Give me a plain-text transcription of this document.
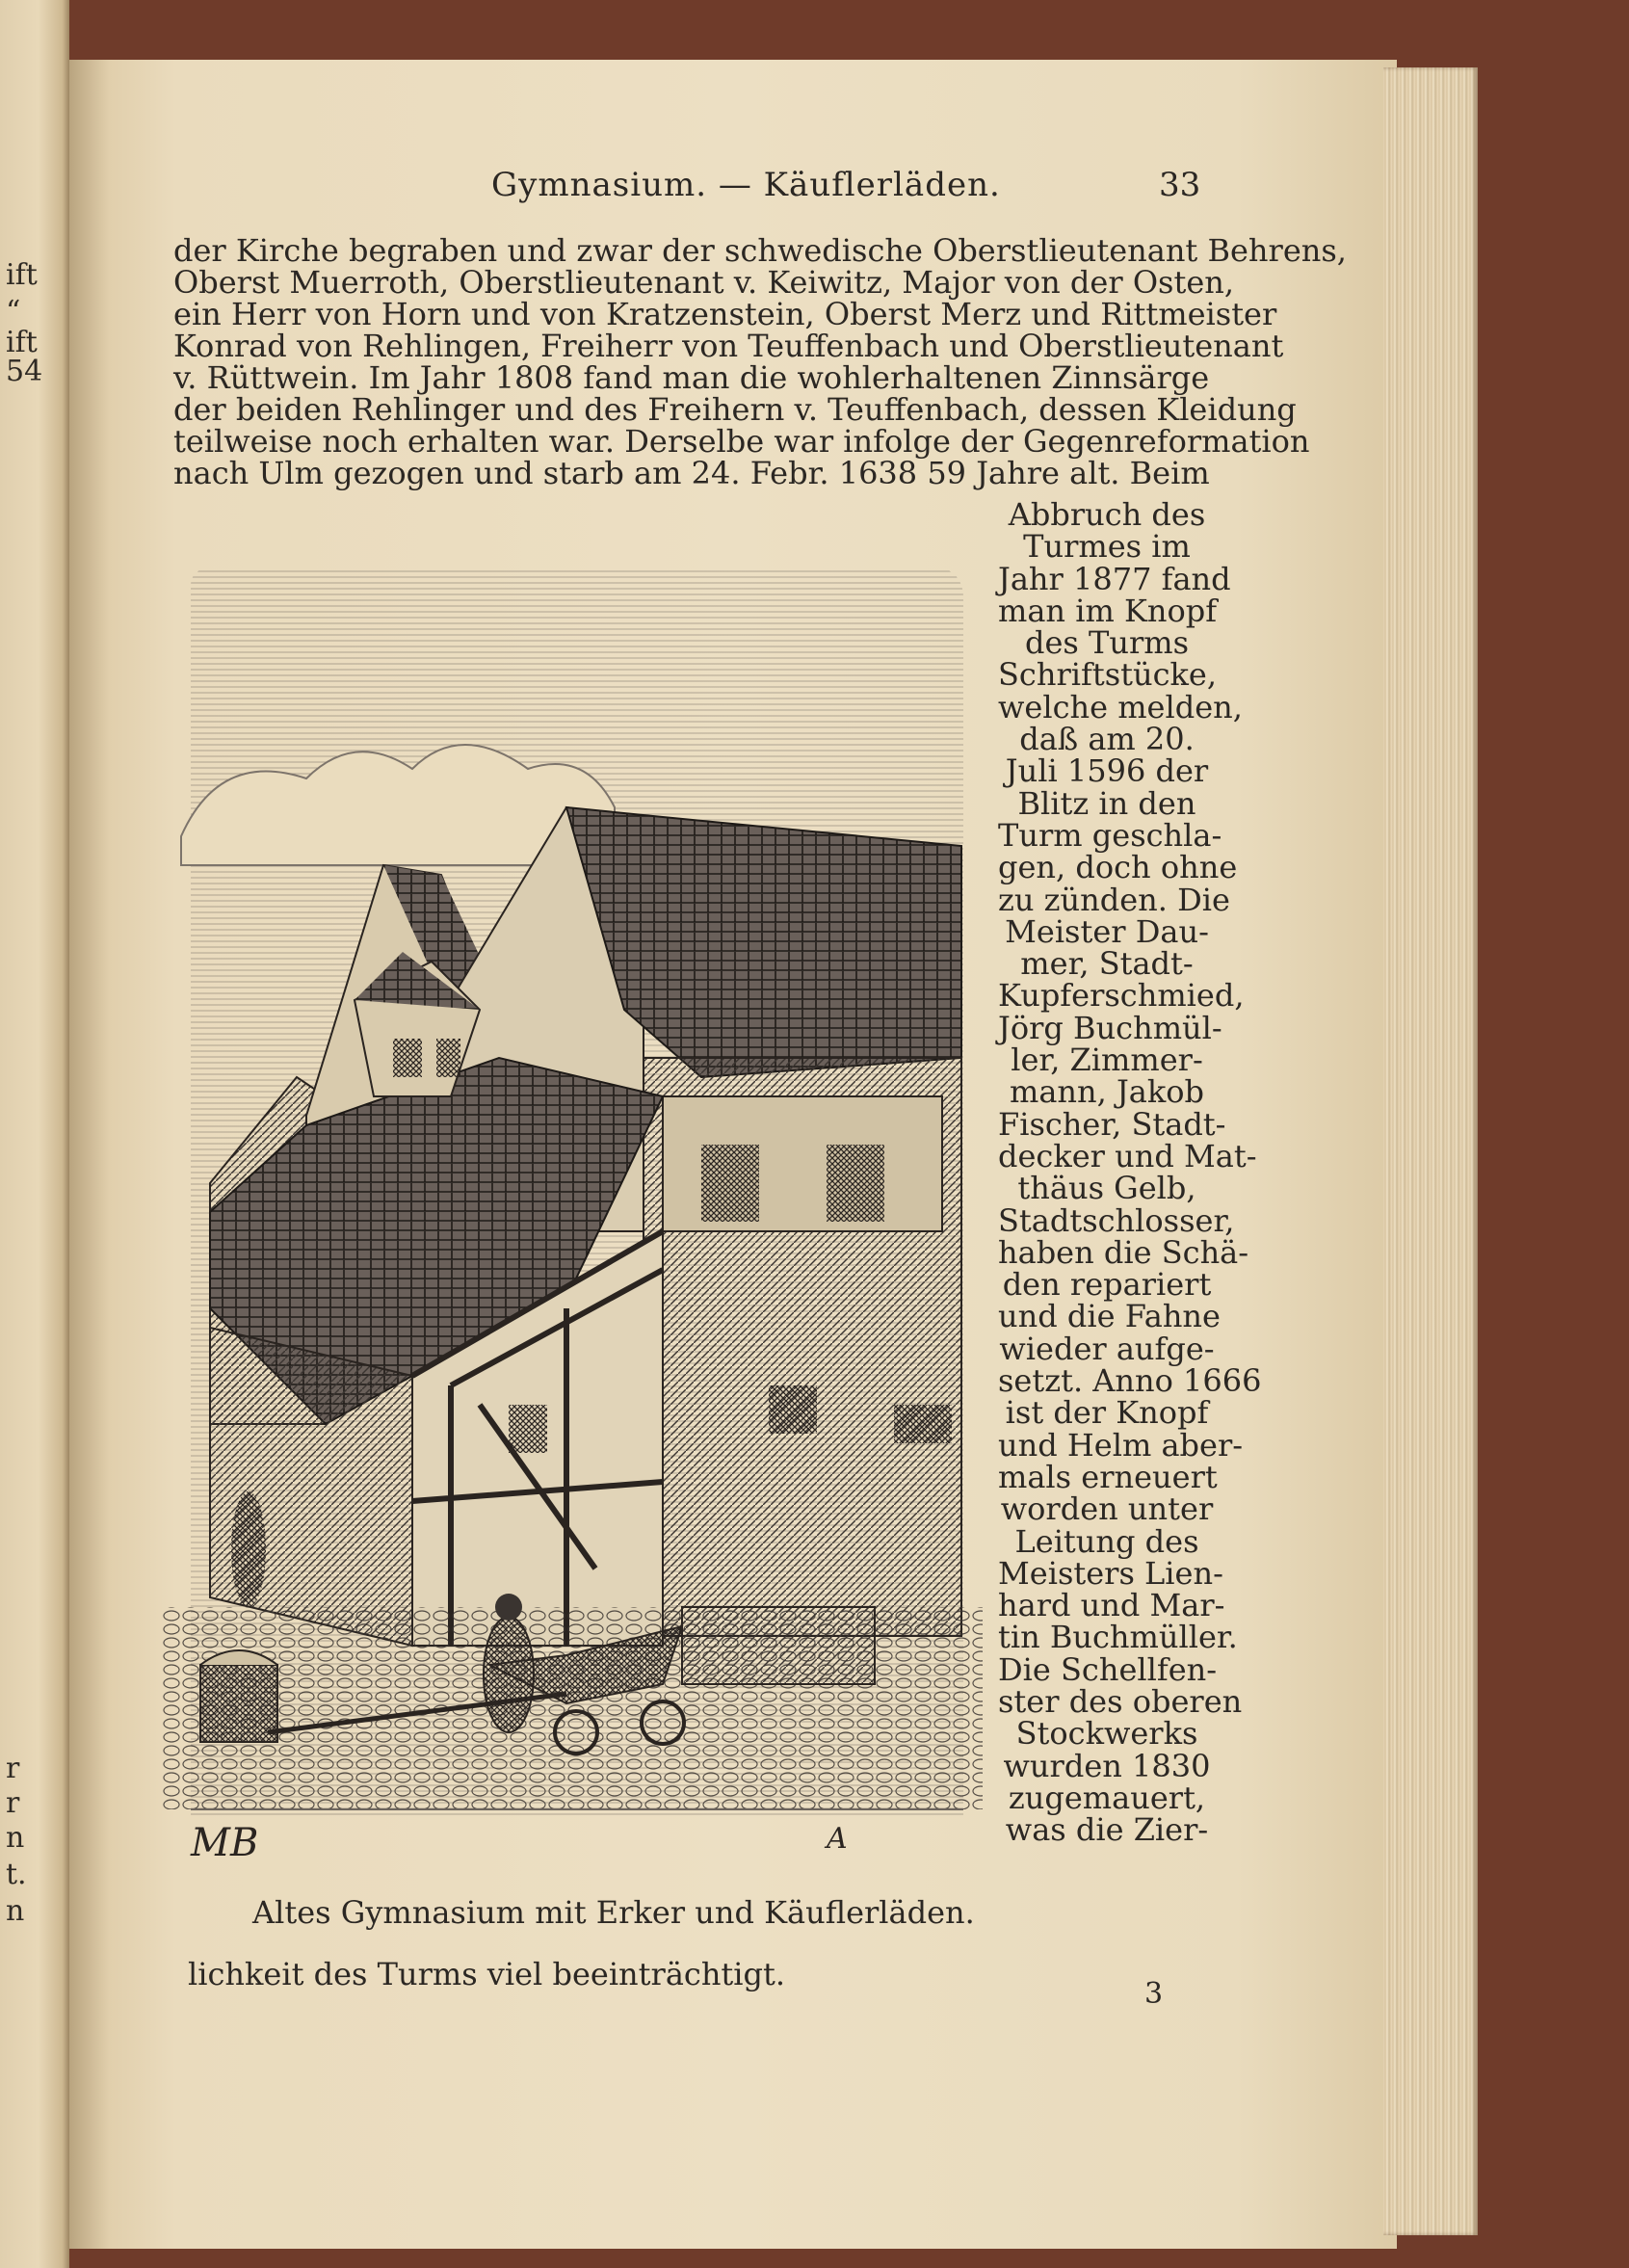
ift
“
ift
54
r
r
n
t.
n
Gymnasium. — Käuflerläden.	33
der Kirche begraben und zwar der schwedische Oberstlieutenant Behrens,
Oberst Muerroth, Oberstlieutenant v. Keiwitz, Major von der Osten,
ein Herr von Horn und von Kratzenstein, Oberst Merz und Rittmeister
Konrad von Rehlingen, Freiherr von Teuffenbach und Oberstlieutenant
v. Rüttwein. Im Jahr 1808 fand man die wohlerhaltenen Zinnsärge
der beiden Rehlinger und des Freihern v. Teuffenbach, dessen Kleidung
teilweise noch erhalten war. Derselbe war infolge der Gegenreformation
nach Ulm gezogen und starb am 24. Febr. 1638 59 Jahre alt. Beim
MB	A
Abbruch des
Turmes im
Jahr 1877 fand
man im Knopf
des Turms
Schriftstücke,
welche melden,
daß am 20.
Juli 1596 der
Blitz in den
Turm geschla-
gen, doch ohne
zu zünden. Die
Meister Dau-
mer, Stadt-
Kupferschmied,
Jörg Buchmül-
ler, Zimmer-
mann, Jakob
Fischer, Stadt-
decker und Mat-
thäus Gelb,
Stadtschlosser,
haben die Schä-
den repariert
und die Fahne
wieder aufge-
setzt. Anno 1666
ist der Knopf
und Helm aber-
mals erneuert
worden unter
Leitung des
Meisters Lien-
hard und Mar-
tin Buchmüller.
Die Schellfen-
ster des oberen
Stockwerks
wurden 1830
zugemauert,
was die Zier-
Altes Gymnasium mit Erker und Käuflerläden.
lichkeit des Turms viel beeinträchtigt.
3
